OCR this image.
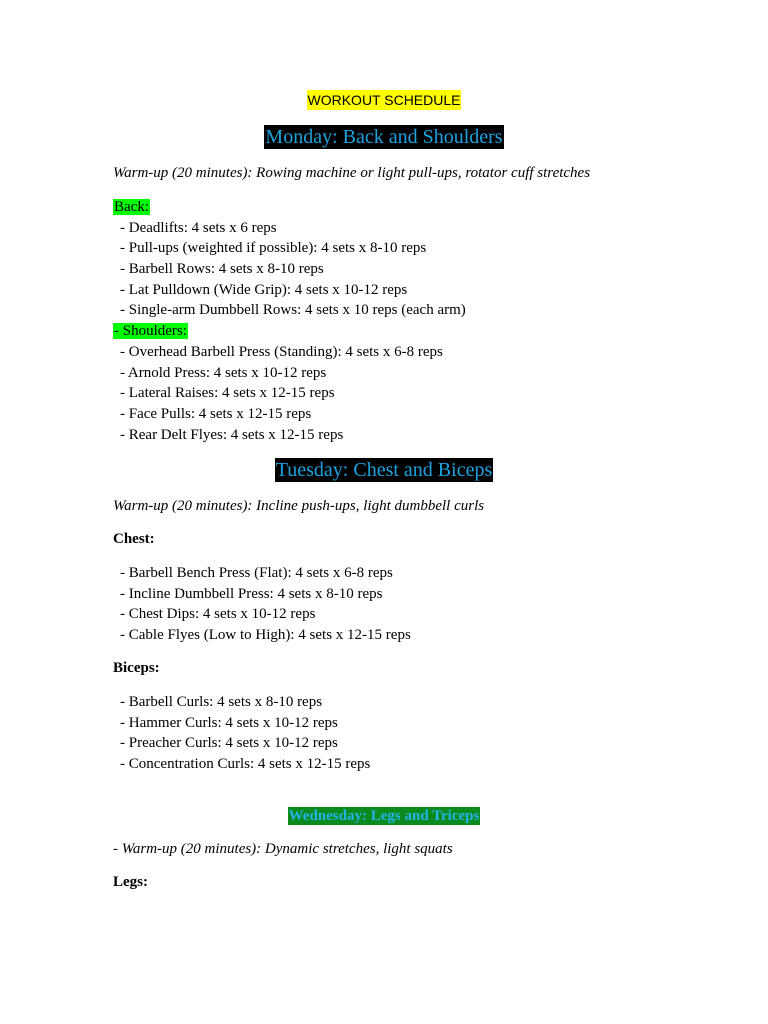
WORKOUT SCHEDULE
Monday: Back and Shoulders
Warm-up (20 minutes): Rowing machine or light pull-ups, rotator cuff stretches
Back:
- Deadlifts: 4 sets x 6 reps
- Pull-ups (weighted if possible): 4 sets x 8-10 reps
- Barbell Rows: 4 sets x 8-10 reps
- Lat Pulldown (Wide Grip): 4 sets x 10-12 reps
- Single-arm Dumbbell Rows: 4 sets x 10 reps (each arm)
- Shoulders:
- Overhead Barbell Press (Standing): 4 sets x 6-8 reps
- Arnold Press: 4 sets x 10-12 reps
- Lateral Raises: 4 sets x 12-15 reps
- Face Pulls: 4 sets x 12-15 reps
- Rear Delt Flyes: 4 sets x 12-15 reps
Tuesday: Chest and Biceps
Warm-up (20 minutes): Incline push-ups, light dumbbell curls
Chest:
- Barbell Bench Press (Flat): 4 sets x 6-8 reps
- Incline Dumbbell Press: 4 sets x 8-10 reps
- Chest Dips: 4 sets x 10-12 reps
- Cable Flyes (Low to High): 4 sets x 12-15 reps
Biceps:
- Barbell Curls: 4 sets x 8-10 reps
- Hammer Curls: 4 sets x 10-12 reps
- Preacher Curls: 4 sets x 10-12 reps
- Concentration Curls: 4 sets x 12-15 reps
Wednesday: Legs and Triceps
- Warm-up (20 minutes): Dynamic stretches, light squats
Legs:
